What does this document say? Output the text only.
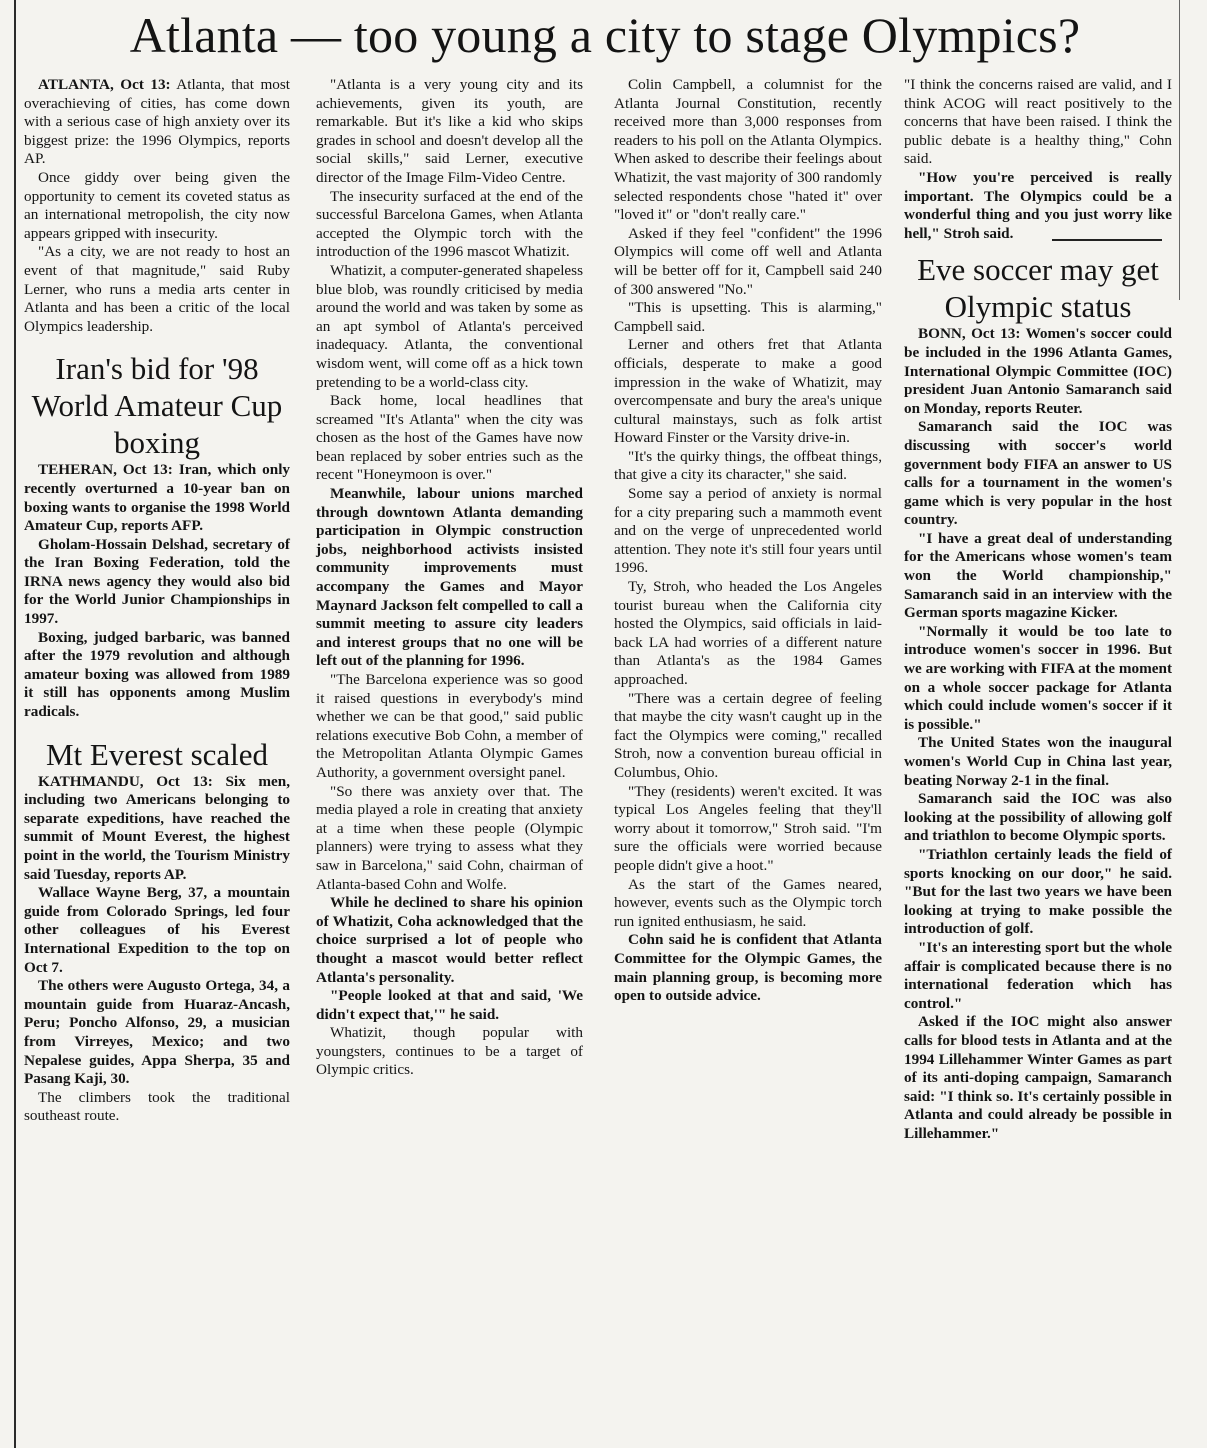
Atlanta — too young a city to stage Olympics?

ATLANTA, Oct 13: Atlanta, that most overachieving of cities, has come down with a serious case of high anxiety over its biggest prize: the 1996 Olympics, reports AP.

Once giddy over being given the opportunity to cement its coveted status as an international metropolish, the city now appears gripped with insecurity.

"As a city, we are not ready to host an event of that magnitude," said Ruby Lerner, who runs a media arts center in Atlanta and has been a critic of the local Olympics leadership.

Iran's bid for '98 World Amateur Cup boxing

TEHERAN, Oct 13: Iran, which only recently overturned a 10-year ban on boxing wants to organise the 1998 World Amateur Cup, reports AFP.

Gholam-Hossain Delshad, secretary of the Iran Boxing Federation, told the IRNA news agency they would also bid for the World Junior Championships in 1997.

Boxing, judged barbaric, was banned after the 1979 revolution and although amateur boxing was allowed from 1989 it still has opponents among Muslim radicals.

Mt Everest scaled

KATHMANDU, Oct 13: Six men, including two Americans belonging to separate expeditions, have reached the summit of Mount Everest, the highest point in the world, the Tourism Ministry said Tuesday, reports AP.

Wallace Wayne Berg, 37, a mountain guide from Colorado Springs, led four other colleagues of his Everest International Expedition to the top on Oct 7.

The others were Augusto Ortega, 34, a mountain guide from Huaraz-Ancash, Peru; Poncho Alfonso, 29, a musician from Virreyes, Mexico; and two Nepalese guides, Appa Sherpa, 35 and Pasang Kaji, 30.

The climbers took the traditional southeast route.

"Atlanta is a very young city and its achievements, given its youth, are remarkable. But it's like a kid who skips grades in school and doesn't develop all the social skills," said Lerner, executive director of the Image Film-Video Centre.

The insecurity surfaced at the end of the successful Barcelona Games, when Atlanta accepted the Olympic torch with the introduction of the 1996 mascot Whatizit.

Whatizit, a computer-generated shapeless blue blob, was roundly criticised by media around the world and was taken by some as an apt symbol of Atlanta's perceived inadequacy. Atlanta, the conventional wisdom went, will come off as a hick town pretending to be a world-class city.

Back home, local headlines that screamed "It's Atlanta" when the city was chosen as the host of the Games have now bean replaced by sober entries such as the recent "Honeymoon is over."

Meanwhile, labour unions marched through downtown Atlanta demanding participation in Olympic construction jobs, neighborhood activists insisted community improvements must accompany the Games and Mayor Maynard Jackson felt compelled to call a summit meeting to assure city leaders and interest groups that no one will be left out of the planning for 1996.

"The Barcelona experience was so good it raised questions in everybody's mind whether we can be that good," said public relations executive Bob Cohn, a member of the Metropolitan Atlanta Olympic Games Authority, a government oversight panel.

"So there was anxiety over that. The media played a role in creating that anxiety at a time when these people (Olympic planners) were trying to assess what they saw in Barcelona," said Cohn, chairman of Atlanta-based Cohn and Wolfe.

While he declined to share his opinion of Whatizit, Coha acknowledged that the choice surprised a lot of people who thought a mascot would better reflect Atlanta's personality.

"People looked at that and said, 'We didn't expect that,'" he said.

Whatizit, though popular with youngsters, continues to be a target of Olympic critics.

Colin Campbell, a columnist for the Atlanta Journal Constitution, recently received more than 3,000 responses from readers to his poll on the Atlanta Olympics. When asked to describe their feelings about Whatizit, the vast majority of 300 randomly selected respondents chose "hated it" over "loved it" or "don't really care."

Asked if they feel "confident" the 1996 Olympics will come off well and Atlanta will be better off for it, Campbell said 240 of 300 answered "No."

"This is upsetting. This is alarming," Campbell said.

Lerner and others fret that Atlanta officials, desperate to make a good impression in the wake of Whatizit, may overcompensate and bury the area's unique cultural mainstays, such as folk artist Howard Finster or the Varsity drive-in.

"It's the quirky things, the offbeat things, that give a city its character," she said.

Some say a period of anxiety is normal for a city preparing such a mammoth event and on the verge of unprecedented world attention. They note it's still four years until 1996.

Ty, Stroh, who headed the Los Angeles tourist bureau when the California city hosted the Olympics, said officials in laid-back LA had worries of a different nature than Atlanta's as the 1984 Games approached.

"There was a certain degree of feeling that maybe the city wasn't caught up in the fact the Olympics were coming," recalled Stroh, now a convention bureau official in Columbus, Ohio.

"They (residents) weren't excited. It was typical Los Angeles feeling that they'll worry about it tomorrow," Stroh said. "I'm sure the officials were worried because people didn't give a hoot."

As the start of the Games neared, however, events such as the Olympic torch run ignited enthusiasm, he said.

Cohn said he is confident that Atlanta Committee for the Olympic Games, the main planning group, is becoming more open to outside advice.

"I think the concerns raised are valid, and I think ACOG will react positively to the concerns that have been raised. I think the public debate is a healthy thing," Cohn said.

"How you're perceived is really important. The Olympics could be a wonderful thing and you just worry like hell," Stroh said.

Eve soccer may get Olympic status

BONN, Oct 13: Women's soccer could be included in the 1996 Atlanta Games, International Olympic Committee (IOC) president Juan Antonio Samaranch said on Monday, reports Reuter.

Samaranch said the IOC was discussing with soccer's world government body FIFA an answer to US calls for a tournament in the women's game which is very popular in the host country.

"I have a great deal of understanding for the Americans whose women's team won the World championship," Samaranch said in an interview with the German sports magazine Kicker.

"Normally it would be too late to introduce women's soccer in 1996. But we are working with FIFA at the moment on a whole soccer package for Atlanta which could include women's soccer if it is possible."

The United States won the inaugural women's World Cup in China last year, beating Norway 2-1 in the final.

Samaranch said the IOC was also looking at the possibility of allowing golf and triathlon to become Olympic sports.

"Triathlon certainly leads the field of sports knocking on our door," he said. "But for the last two years we have been looking at trying to make possible the introduction of golf.

"It's an interesting sport but the whole affair is complicated because there is no international federation which has control."

Asked if the IOC might also answer calls for blood tests in Atlanta and at the 1994 Lillehammer Winter Games as part of its anti-doping campaign, Samaranch said: "I think so. It's certainly possible in Atlanta and could already be possible in Lillehammer."
